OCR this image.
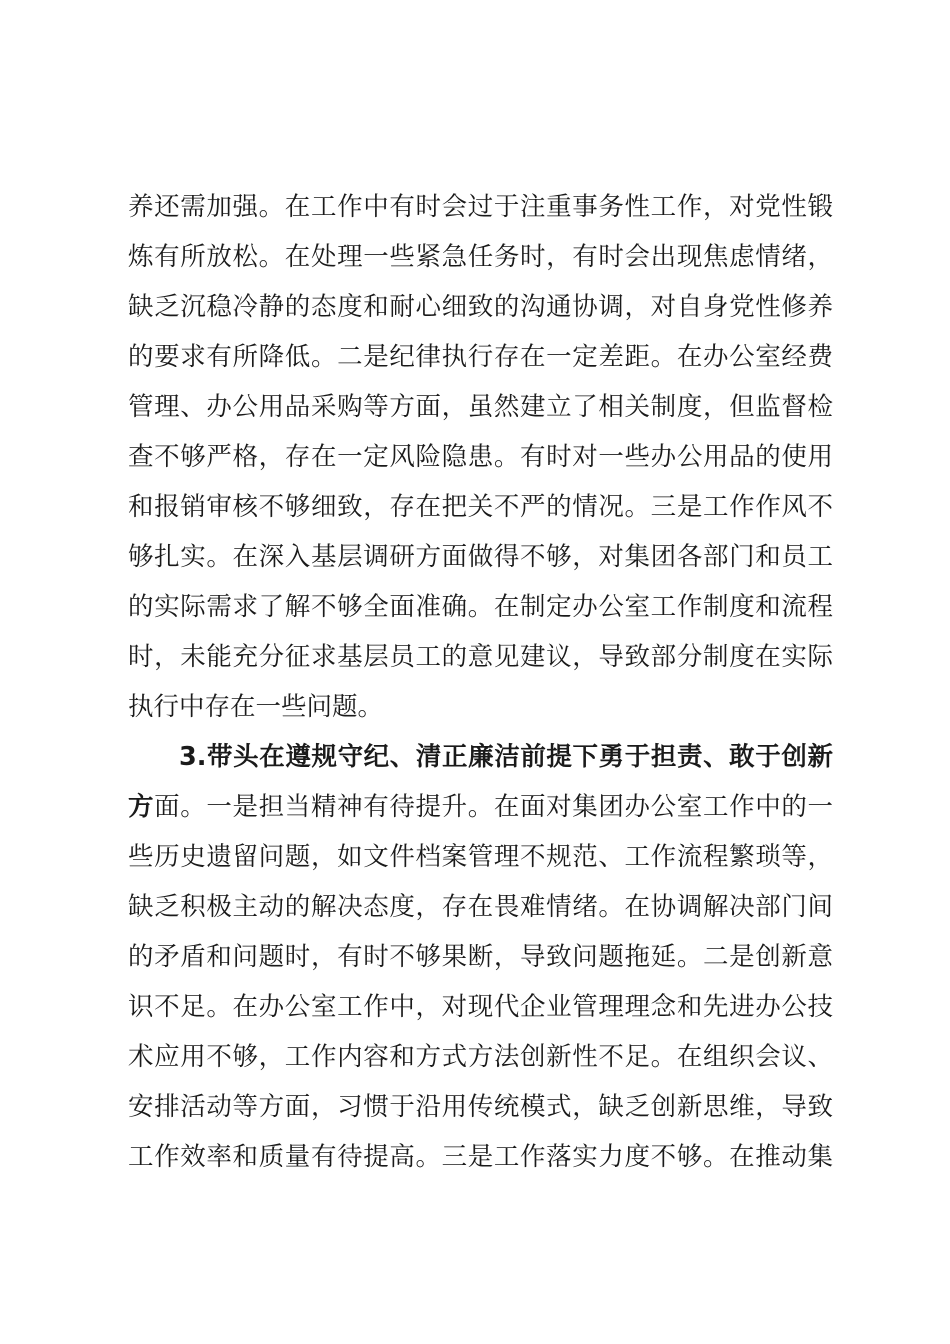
养还需加强。在工作中有时会过于注重事务性工作，对党性锻
炼有所放松。在处理一些紧急任务时，有时会出现焦虑情绪，
缺乏沉稳冷静的态度和耐心细致的沟通协调，对自身党性修养
的要求有所降低。二是纪律执行存在一定差距。在办公室经费
管理、办公用品采购等方面，虽然建立了相关制度，但监督检
查不够严格，存在一定风险隐患。有时对一些办公用品的使用
和报销审核不够细致，存在把关不严的情况。三是工作作风不
够扎实。在深入基层调研方面做得不够，对集团各部门和员工
的实际需求了解不够全面准确。在制定办公室工作制度和流程
时，未能充分征求基层员工的意见建议，导致部分制度在实际
执行中存在一些问题。
3.带头在遵规守纪、清正廉洁前提下勇于担责、敢于创新
方面。一是担当精神有待提升。在面对集团办公室工作中的一
些历史遗留问题，如文件档案管理不规范、工作流程繁琐等，
缺乏积极主动的解决态度，存在畏难情绪。在协调解决部门间
的矛盾和问题时，有时不够果断，导致问题拖延。二是创新意
识不足。在办公室工作中，对现代企业管理理念和先进办公技
术应用不够，工作内容和方式方法创新性不足。在组织会议、
安排活动等方面，习惯于沿用传统模式，缺乏创新思维，导致
工作效率和质量有待提高。三是工作落实力度不够。在推动集
